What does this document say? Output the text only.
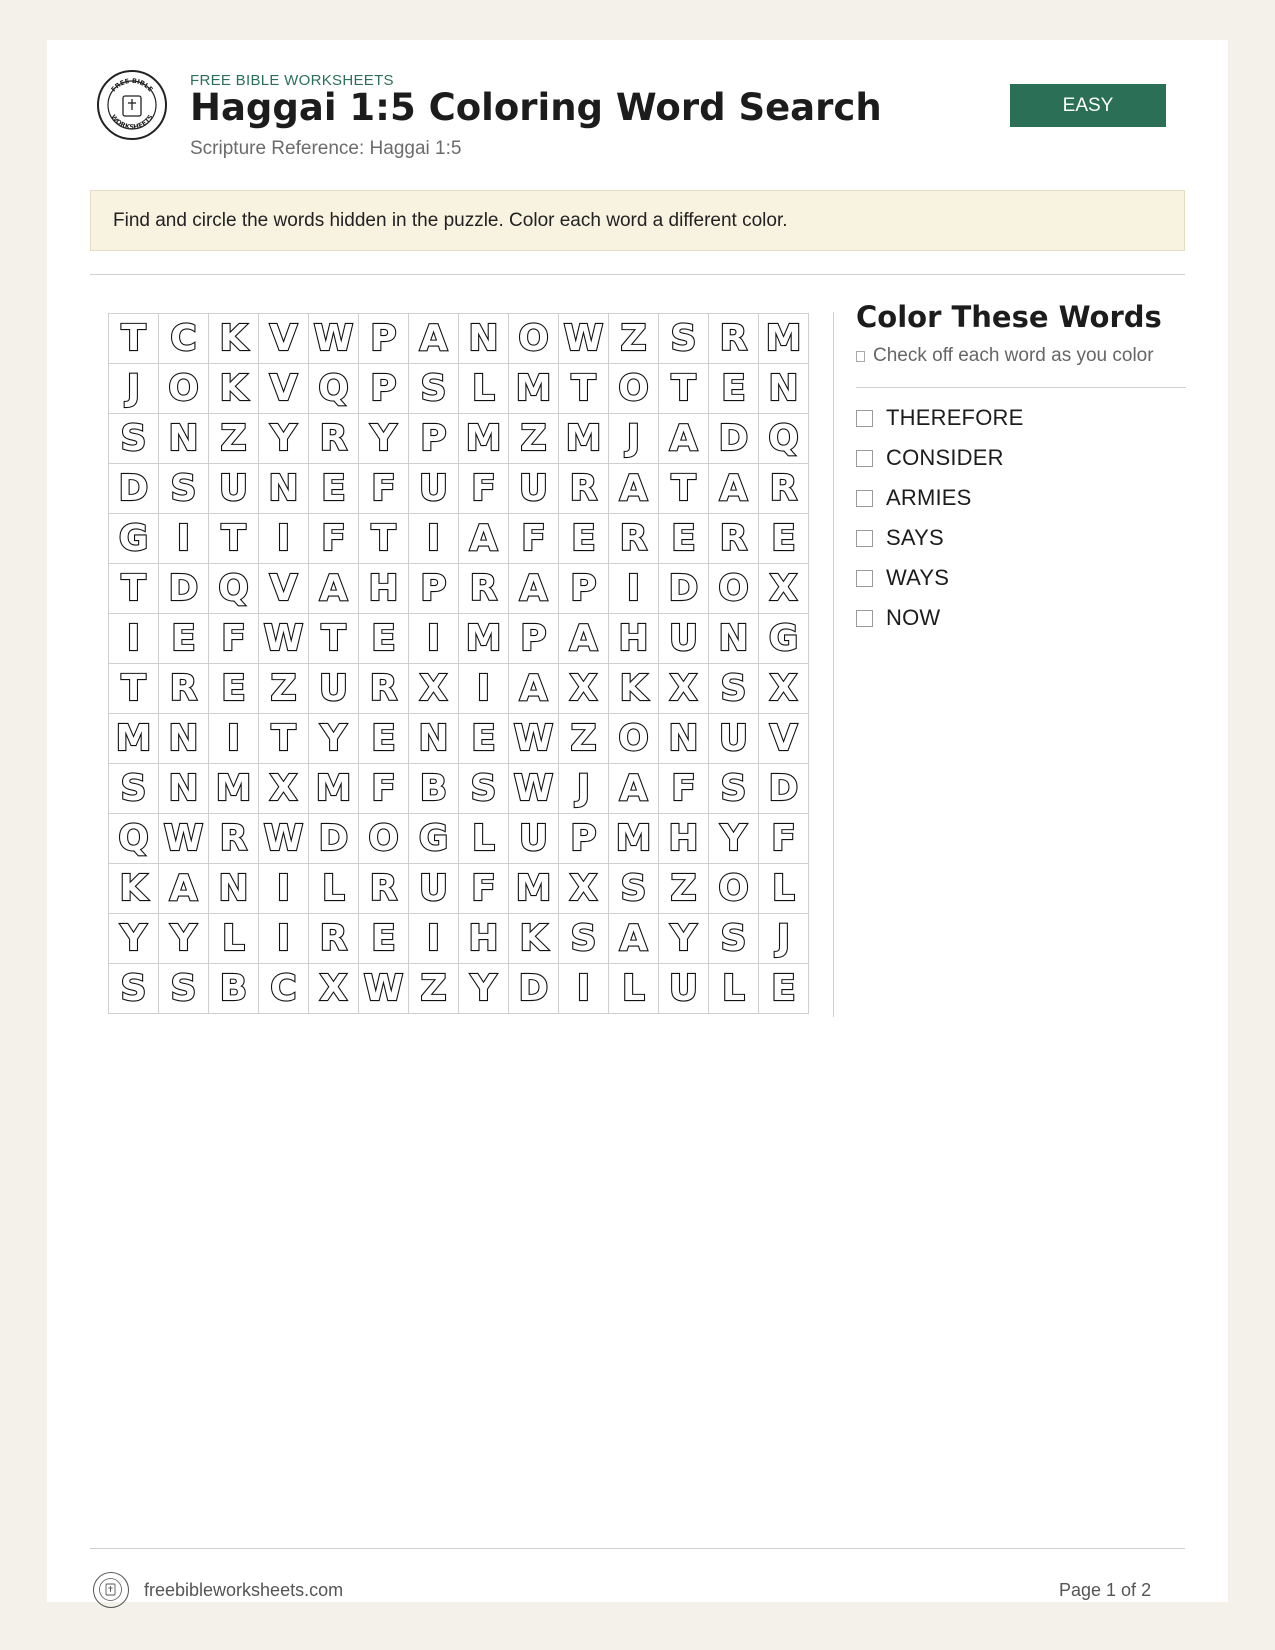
FREE BIBLE
WORKSHEETS
FREE BIBLE WORKSHEETS
Haggai 1:5 Coloring Word Search
Scripture Reference: Haggai 1:5
EASY
Find and circle the words hidden in the puzzle. Color each word a different color.
T C K V W P A N O W Z S R M
J O K V Q P S L M T O T E N
S N Z Y R Y P M Z M J A D Q
D S U N E F U F U R A T A R
G I T I F T I A F E R E R E
T D Q V A H P R A P I D O X
I E F W T E I M P A H U N G
T R E Z U R X I A X K X S X
M N I T Y E N E W Z O N U V
S N M X M F B S W J A F S D
Q W R W D O G L U P M H Y F
K A N I L R U F M X S Z O L
Y Y L I R E I H K S A Y S J
S S B C X W Z Y D I L U L E
Color These Words
Check off each word as you color
THEREFORE
CONSIDER
ARMIES
SAYS
WAYS
NOW
freebibleworksheets.com	Page 1 of 2
